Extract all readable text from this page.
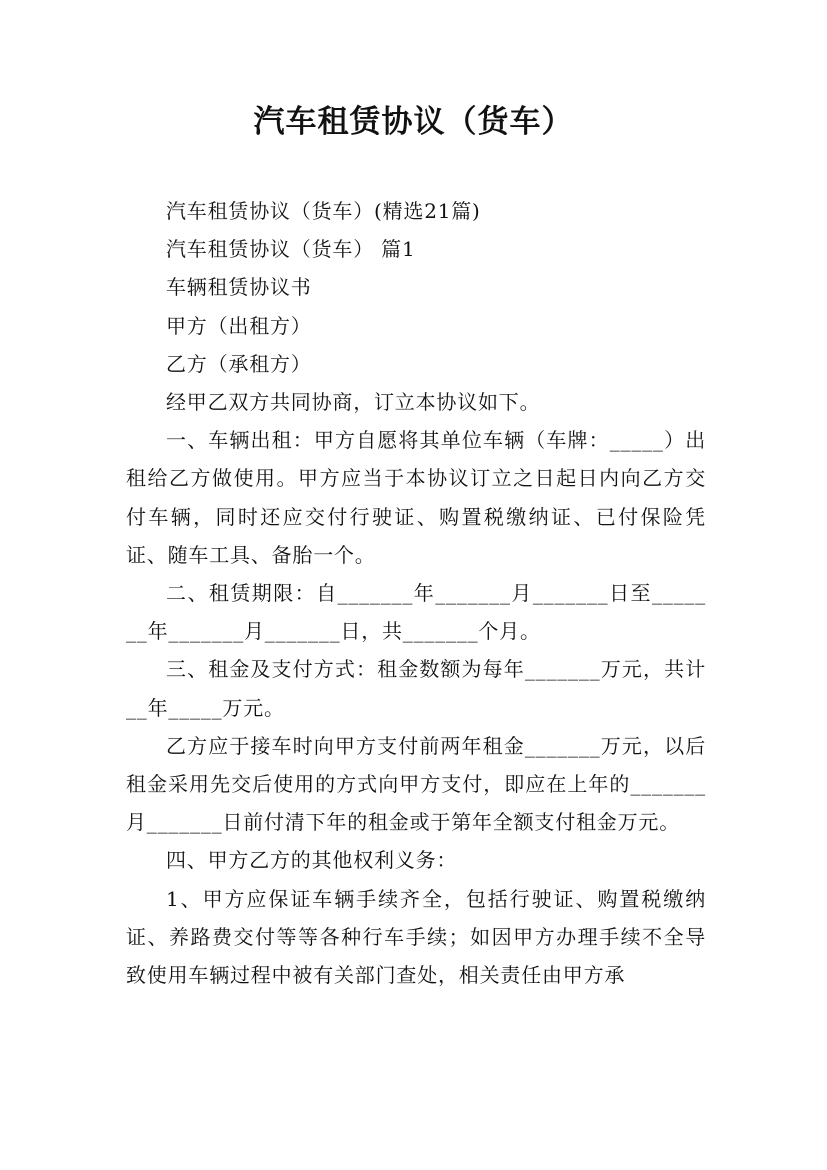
汽车租赁协议（货车）

汽车租赁协议（货车）(精选21篇)

汽车租赁协议（货车） 篇1

车辆租赁协议书

甲方（出租方）

乙方（承租方）

经甲乙双方共同协商，订立本协议如下。

一、车辆出租：甲方自愿将其单位车辆（车牌：_____）出租给乙方做使用。甲方应当于本协议订立之日起日内向乙方交付车辆，同时还应交付行驶证、购置税缴纳证、已付保险凭证、随车工具、备胎一个。

二、租赁期限：自_______年_______月_______日至_______年_______月_______日，共_______个月。

三、租金及支付方式：租金数额为每年_______万元，共计__年_____万元。

乙方应于接车时向甲方支付前两年租金_______万元，以后租金采用先交后使用的方式向甲方支付，即应在上年的_______月_______日前付清下年的租金或于第年全额支付租金万元。

四、甲方乙方的其他权利义务：

1、甲方应保证车辆手续齐全，包括行驶证、购置税缴纳证、养路费交付等等各种行车手续；如因甲方办理手续不全导致使用车辆过程中被有关部门查处，相关责任由甲方承
